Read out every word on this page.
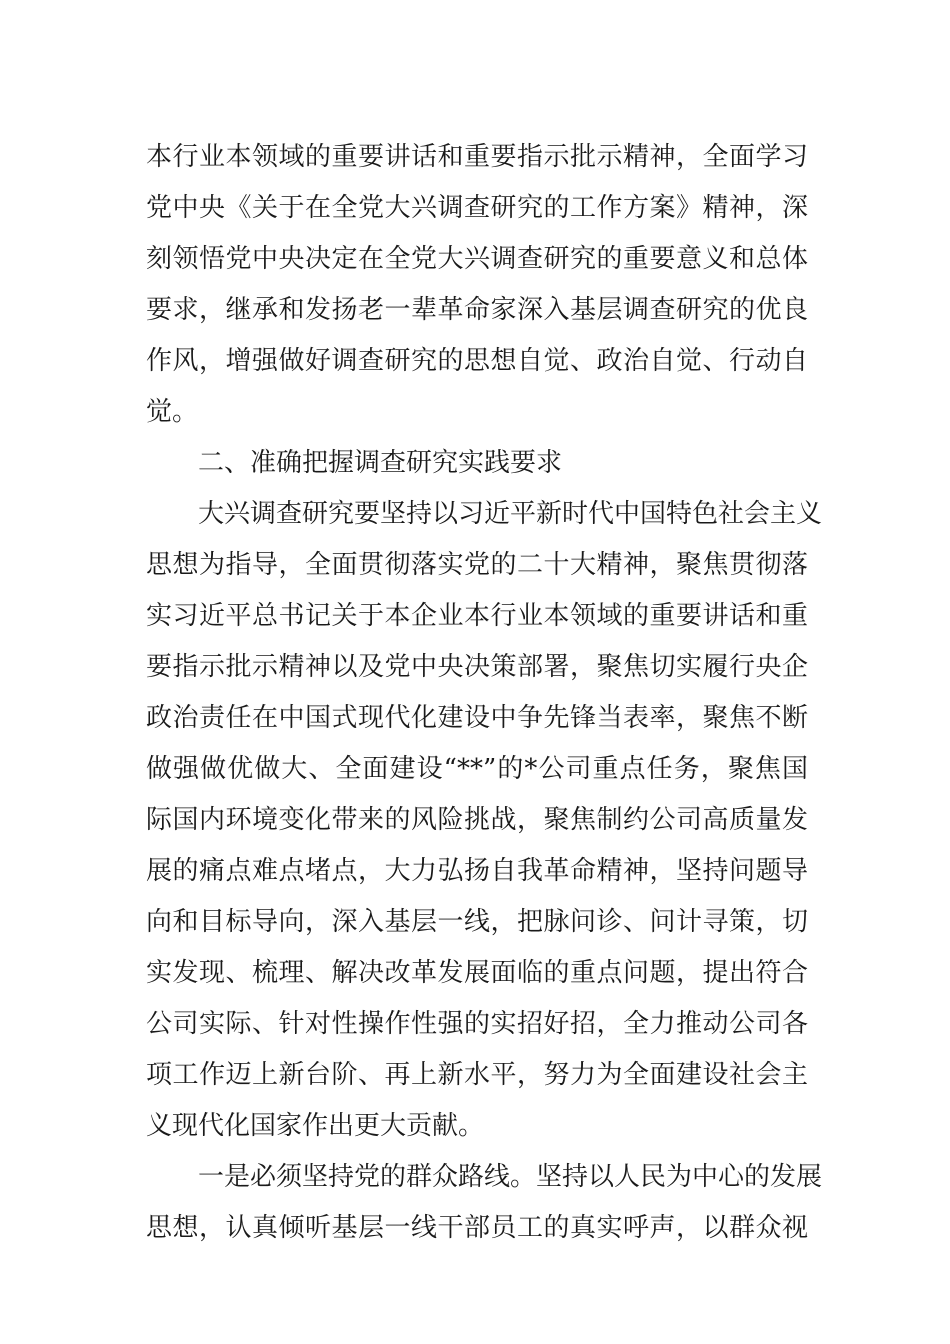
本行业本领域的重要讲话和重要指示批示精神，全面学习
党中央《关于在全党大兴调查研究的工作方案》精神，深
刻领悟党中央决定在全党大兴调查研究的重要意义和总体
要求，继承和发扬老一辈革命家深入基层调查研究的优良
作风，增强做好调查研究的思想自觉、政治自觉、行动自
觉。
二、准确把握调查研究实践要求
大兴调查研究要坚持以习近平新时代中国特色社会主义
思想为指导，全面贯彻落实党的二十大精神，聚焦贯彻落
实习近平总书记关于本企业本行业本领域的重要讲话和重
要指示批示精神以及党中央决策部署，聚焦切实履行央企
政治责任在中国式现代化建设中争先锋当表率，聚焦不断
做强做优做大、全面建设“**”的*公司重点任务，聚焦国
际国内环境变化带来的风险挑战，聚焦制约公司高质量发
展的痛点难点堵点，大力弘扬自我革命精神，坚持问题导
向和目标导向，深入基层一线，把脉问诊、问计寻策，切
实发现、梳理、解决改革发展面临的重点问题，提出符合
公司实际、针对性操作性强的实招好招，全力推动公司各
项工作迈上新台阶、再上新水平，努力为全面建设社会主
义现代化国家作出更大贡献。
一是必须坚持党的群众路线。坚持以人民为中心的发展
思想，认真倾听基层一线干部员工的真实呼声，以群众视
